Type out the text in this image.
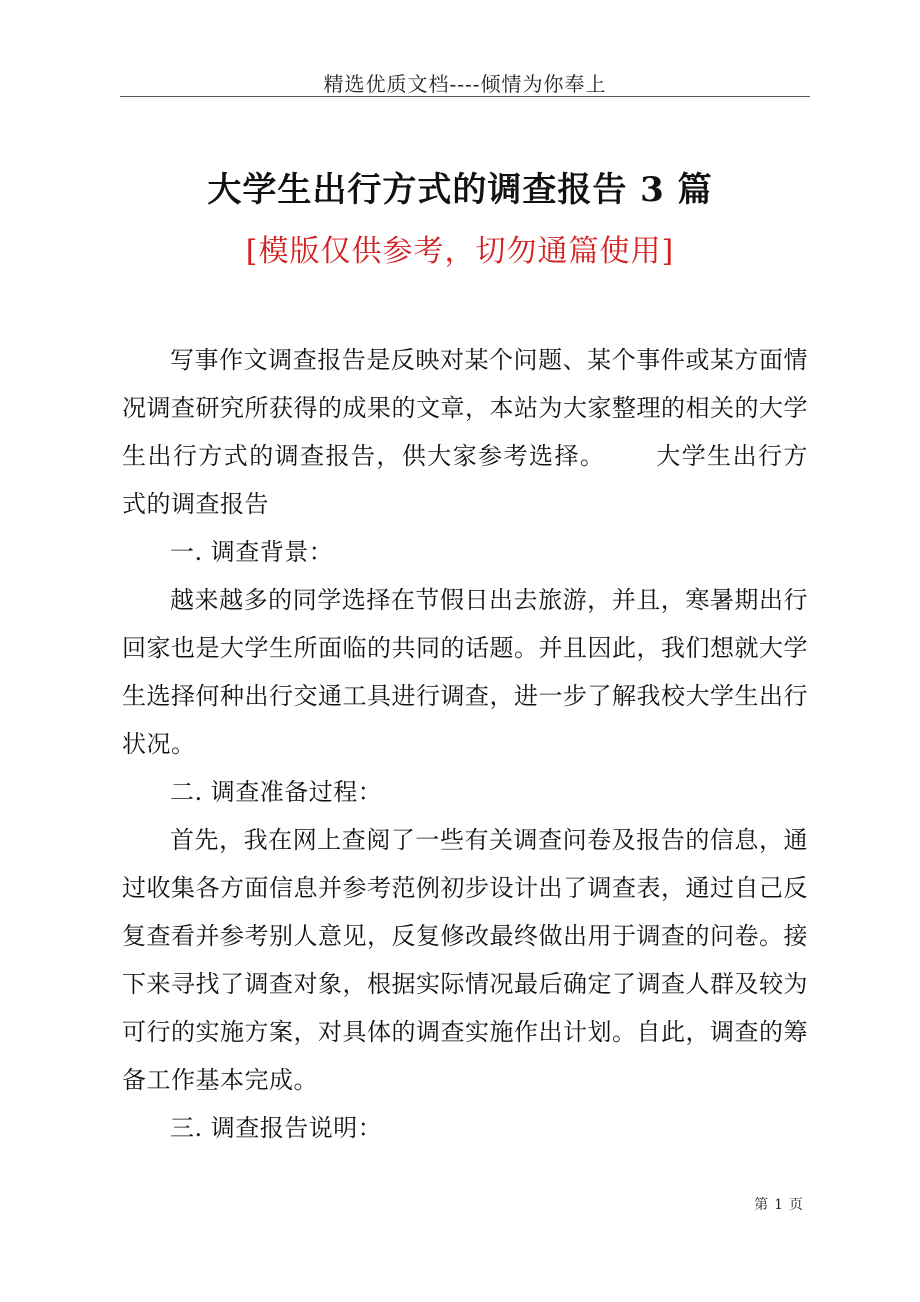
精选优质文档----倾情为你奉上
大学生出行方式的调查报告 3 篇
[模版仅供参考，切勿通篇使用]

写事作文调查报告是反映对某个问题、某个事件或某方面情况调查研究所获得的成果的文章，本站为大家整理的相关的大学生出行方式的调查报告，供大家参考选择。 大学生出行方式的调查报告

一. 调查背景：

越来越多的同学选择在节假日出去旅游，并且，寒暑期出行回家也是大学生所面临的共同的话题。并且因此，我们想就大学生选择何种出行交通工具进行调查，进一步了解我校大学生出行状况。

二. 调查准备过程：

首先，我在网上查阅了一些有关调查问卷及报告的信息，通过收集各方面信息并参考范例初步设计出了调查表，通过自己反复查看并参考别人意见，反复修改最终做出用于调查的问卷。接下来寻找了调查对象，根据实际情况最后确定了调查人群及较为可行的实施方案，对具体的调查实施作出计划。自此，调查的筹备工作基本完成。

三. 调查报告说明：

第 1 页
